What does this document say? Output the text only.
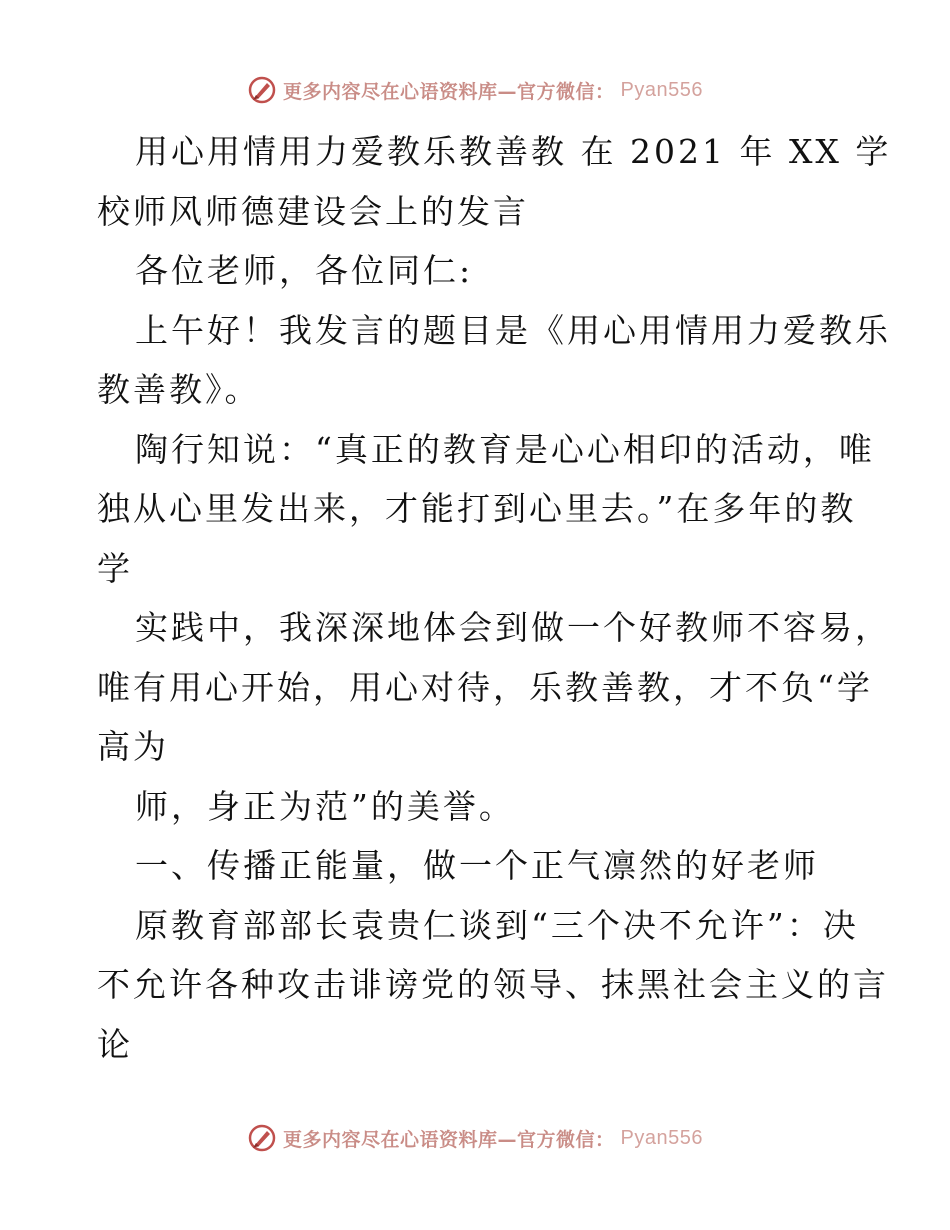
更多内容尽在心语资料库—官方微信： Pyan556
用心用情用力爱教乐教善教 在 2021 年 XX 学
校师风师德建设会上的发言
各位老师，各位同仁:
上午好！我发言的题目是《用心用情用力爱教乐
教善教》。
陶行知说：“真正的教育是心心相印的活动，唯
独从心里发出来，才能打到心里去。”在多年的教
学
实践中，我深深地体会到做一个好教师不容易，
唯有用心开始，用心对待，乐教善教，才不负“学
高为
师，身正为范”的美誉。
一、传播正能量，做一个正气凛然的好老师
原教育部部长袁贵仁谈到“三个决不允许”：决
不允许各种攻击诽谤党的领导、抹黑社会主义的言
论
更多内容尽在心语资料库—官方微信： Pyan556
